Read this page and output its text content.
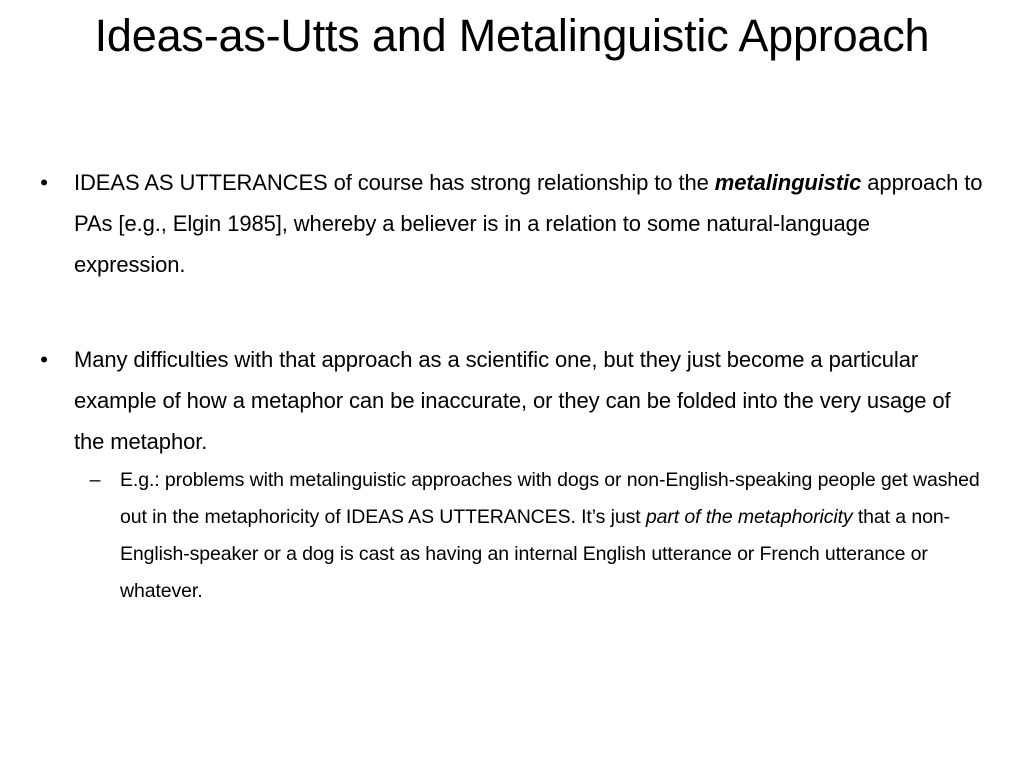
Ideas-as-Utts and Metalinguistic Approach
• IDEAS AS UTTERANCES of course has strong relationship to the metalinguistic approach to PAs [e.g., Elgin 1985], whereby a believer is in a relation to some natural-language expression.
• Many difficulties with that approach as a scientific one, but they just become a particular example of how a metaphor can be inaccurate, or they can be folded into the very usage of the metaphor.
– E.g.: problems with metalinguistic approaches with dogs or non-English-speaking people get washed out in the metaphoricity of IDEAS AS UTTERANCES. It’s just part of the metaphoricity that a non-English-speaker or a dog is cast as having an internal English utterance or French utterance or whatever.
